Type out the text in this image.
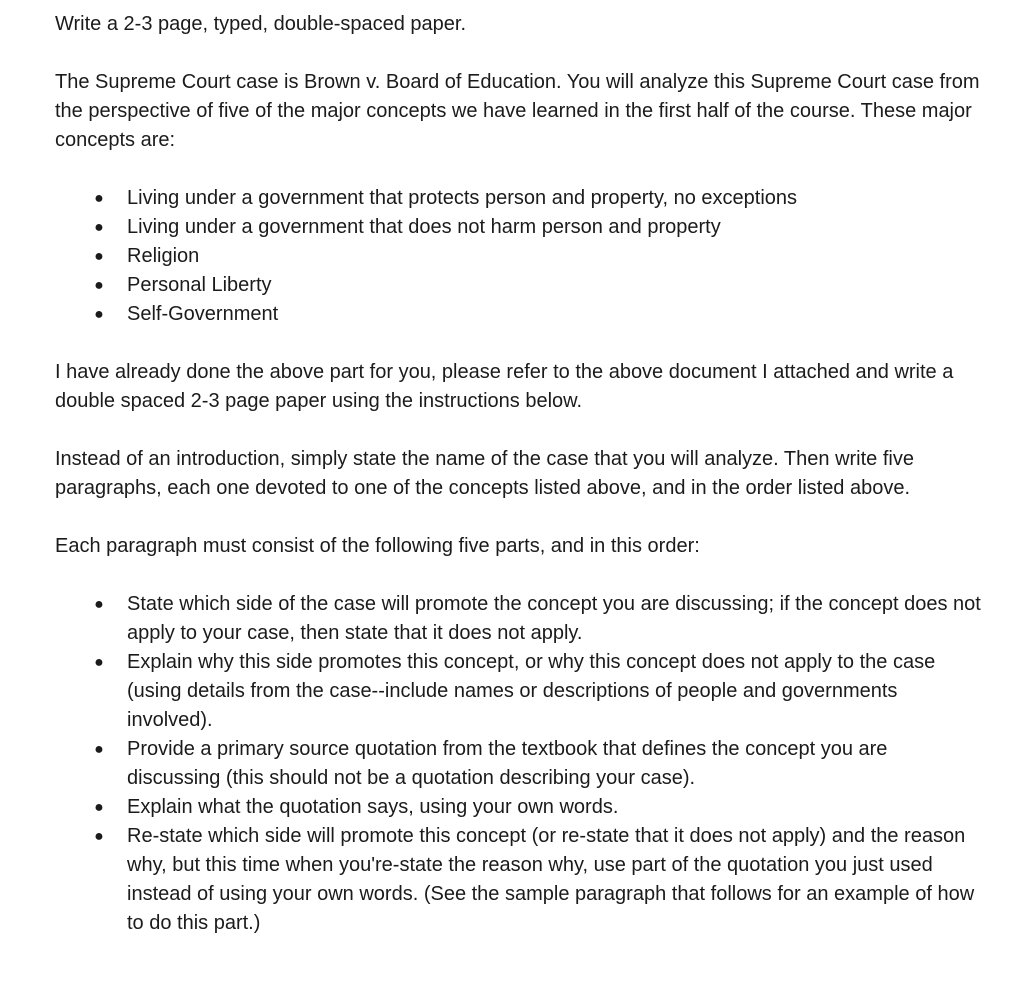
Write a 2-3 page, typed, double-spaced paper.

The Supreme Court case is Brown v. Board of Education. You will analyze this Supreme Court case from the perspective of five of the major concepts we have learned in the first half of the course. These major concepts are:

● Living under a government that protects person and property, no exceptions
● Living under a government that does not harm person and property
● Religion
● Personal Liberty
● Self-Government

I have already done the above part for you, please refer to the above document I attached and write a double spaced 2-3 page paper using the instructions below.

Instead of an introduction, simply state the name of the case that you will analyze. Then write five paragraphs, each one devoted to one of the concepts listed above, and in the order listed above.

Each paragraph must consist of the following five parts, and in this order:

● State which side of the case will promote the concept you are discussing; if the concept does not apply to your case, then state that it does not apply.
● Explain why this side promotes this concept, or why this concept does not apply to the case (using details from the case--include names or descriptions of people and governments involved).
● Provide a primary source quotation from the textbook that defines the concept you are discussing (this should not be a quotation describing your case).
● Explain what the quotation says, using your own words.
● Re-state which side will promote this concept (or re-state that it does not apply) and the reason why, but this time when you're-state the reason why, use part of the quotation you just used instead of using your own words. (See the sample paragraph that follows for an example of how to do this part.)
